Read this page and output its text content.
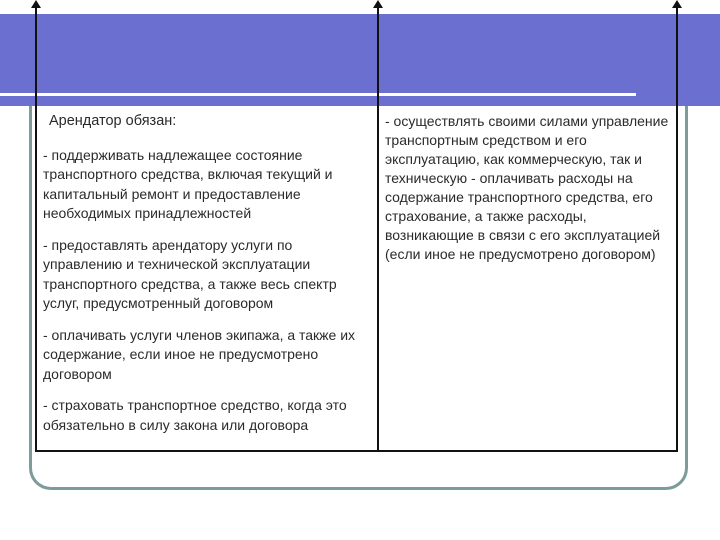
Арендатор обязан:
- поддерживать надлежащее состояние транспортного средства, включая текущий и капитальный ремонт и предоставление необходимых принадлежностей
- предоставлять арендатору услуги по управлению и технической эксплуатации транспортного средства, а также весь спектр услуг, предусмотренный договором
- оплачивать услуги членов экипажа, а также их содержание, если иное не предусмотрено договором
- страховать транспортное средство, когда это обязательно в силу закона или договора
- осуществлять своими силами управление транспортным средством и его эксплуатацию, как коммерческую, так и техническую - оплачивать расходы на содержание транспортного средства, его страхование, а также расходы, возникающие в связи с его эксплуатацией (если иное не предусмотрено договором)
